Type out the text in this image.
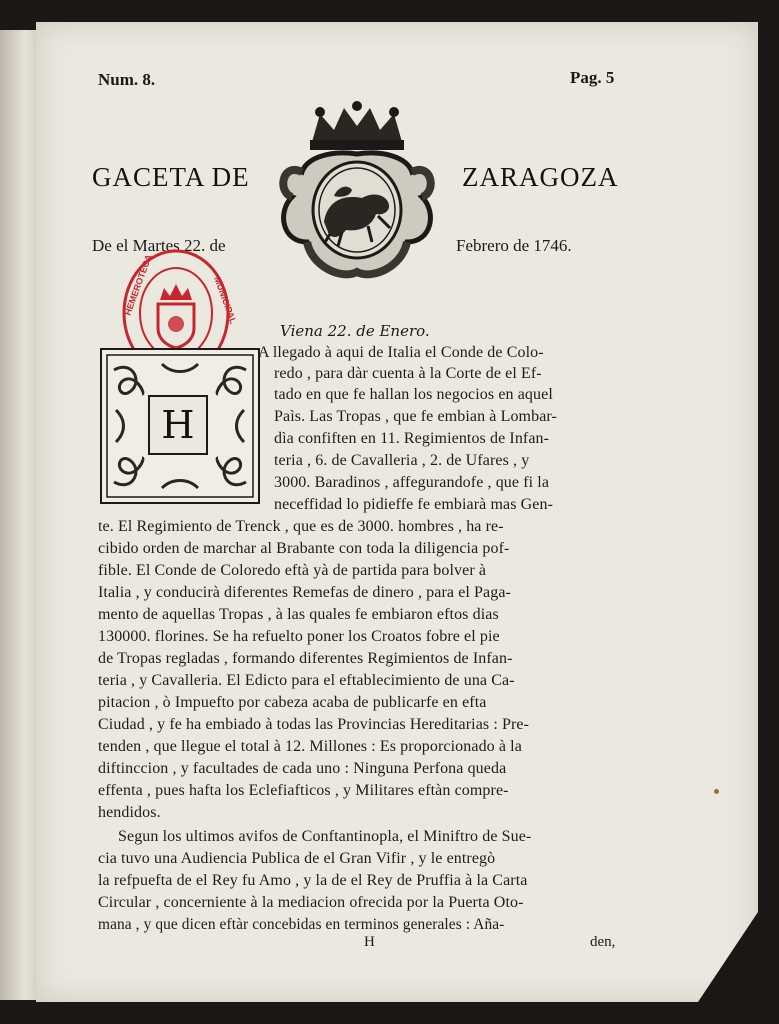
Num. 8.	Pag. 5
GACETA DE	ZARAGOZA
De el Martes 22. de	Febrero de 1746.
HEMEROTECA	MUNICIPAL
Viena 22. de Enero.
H
A llegado à aqui de Italia el Conde de Colo-
redo , para dàr cuenta à la Corte de el Ef-
tado en que fe hallan los negocios en aquel
Paìs. Las Tropas , que fe embian à Lombar-
dìa confiften en 11. Regimientos de Infan-
teria , 6. de Cavalleria , 2. de Ufares , y
3000. Baradinos , affegurandofe , que fi la
neceffidad lo pidieffe fe embiarà mas Gen-
te. El Regimiento de Trenck , que es de 3000. hombres , ha re-
cibido orden de marchar al Brabante con toda la diligencia pof-
fible. El Conde de Coloredo eftà yà de partida para bolver à
Italia , y conducirà diferentes Remefas de dinero , para el Paga-
mento de aquellas Tropas , à las quales fe embiaron eftos dias
130000. florines. Se ha refuelto poner los Croatos fobre el pie
de Tropas regladas , formando diferentes Regimientos de Infan-
teria , y Cavalleria. El Edicto para el eftablecimiento de una Ca-
pitacion , ò Impuefto por cabeza acaba de publicarfe en efta
Ciudad , y fe ha embiado à todas las Provincias Hereditarias : Pre-
tenden , que llegue el total à 12. Millones : Es proporcionado à la
diftinccion , y facultades de cada uno : Ninguna Perfona queda
effenta , pues hafta los Eclefiafticos , y Militares eftàn compre-
hendidos.
Segun los ultimos avifos de Conftantinopla, el Miniftro de Sue-
cia tuvo una Audiencia Publica de el Gran Vifir , y le entregò
la refpuefta de el Rey fu Amo , y la de el Rey de Pruffia à la Carta
Circular , concerniente à la mediacion ofrecida por la Puerta Oto-
mana , y que dicen eftàr concebidas en terminos generales : Aña-
H	den,
